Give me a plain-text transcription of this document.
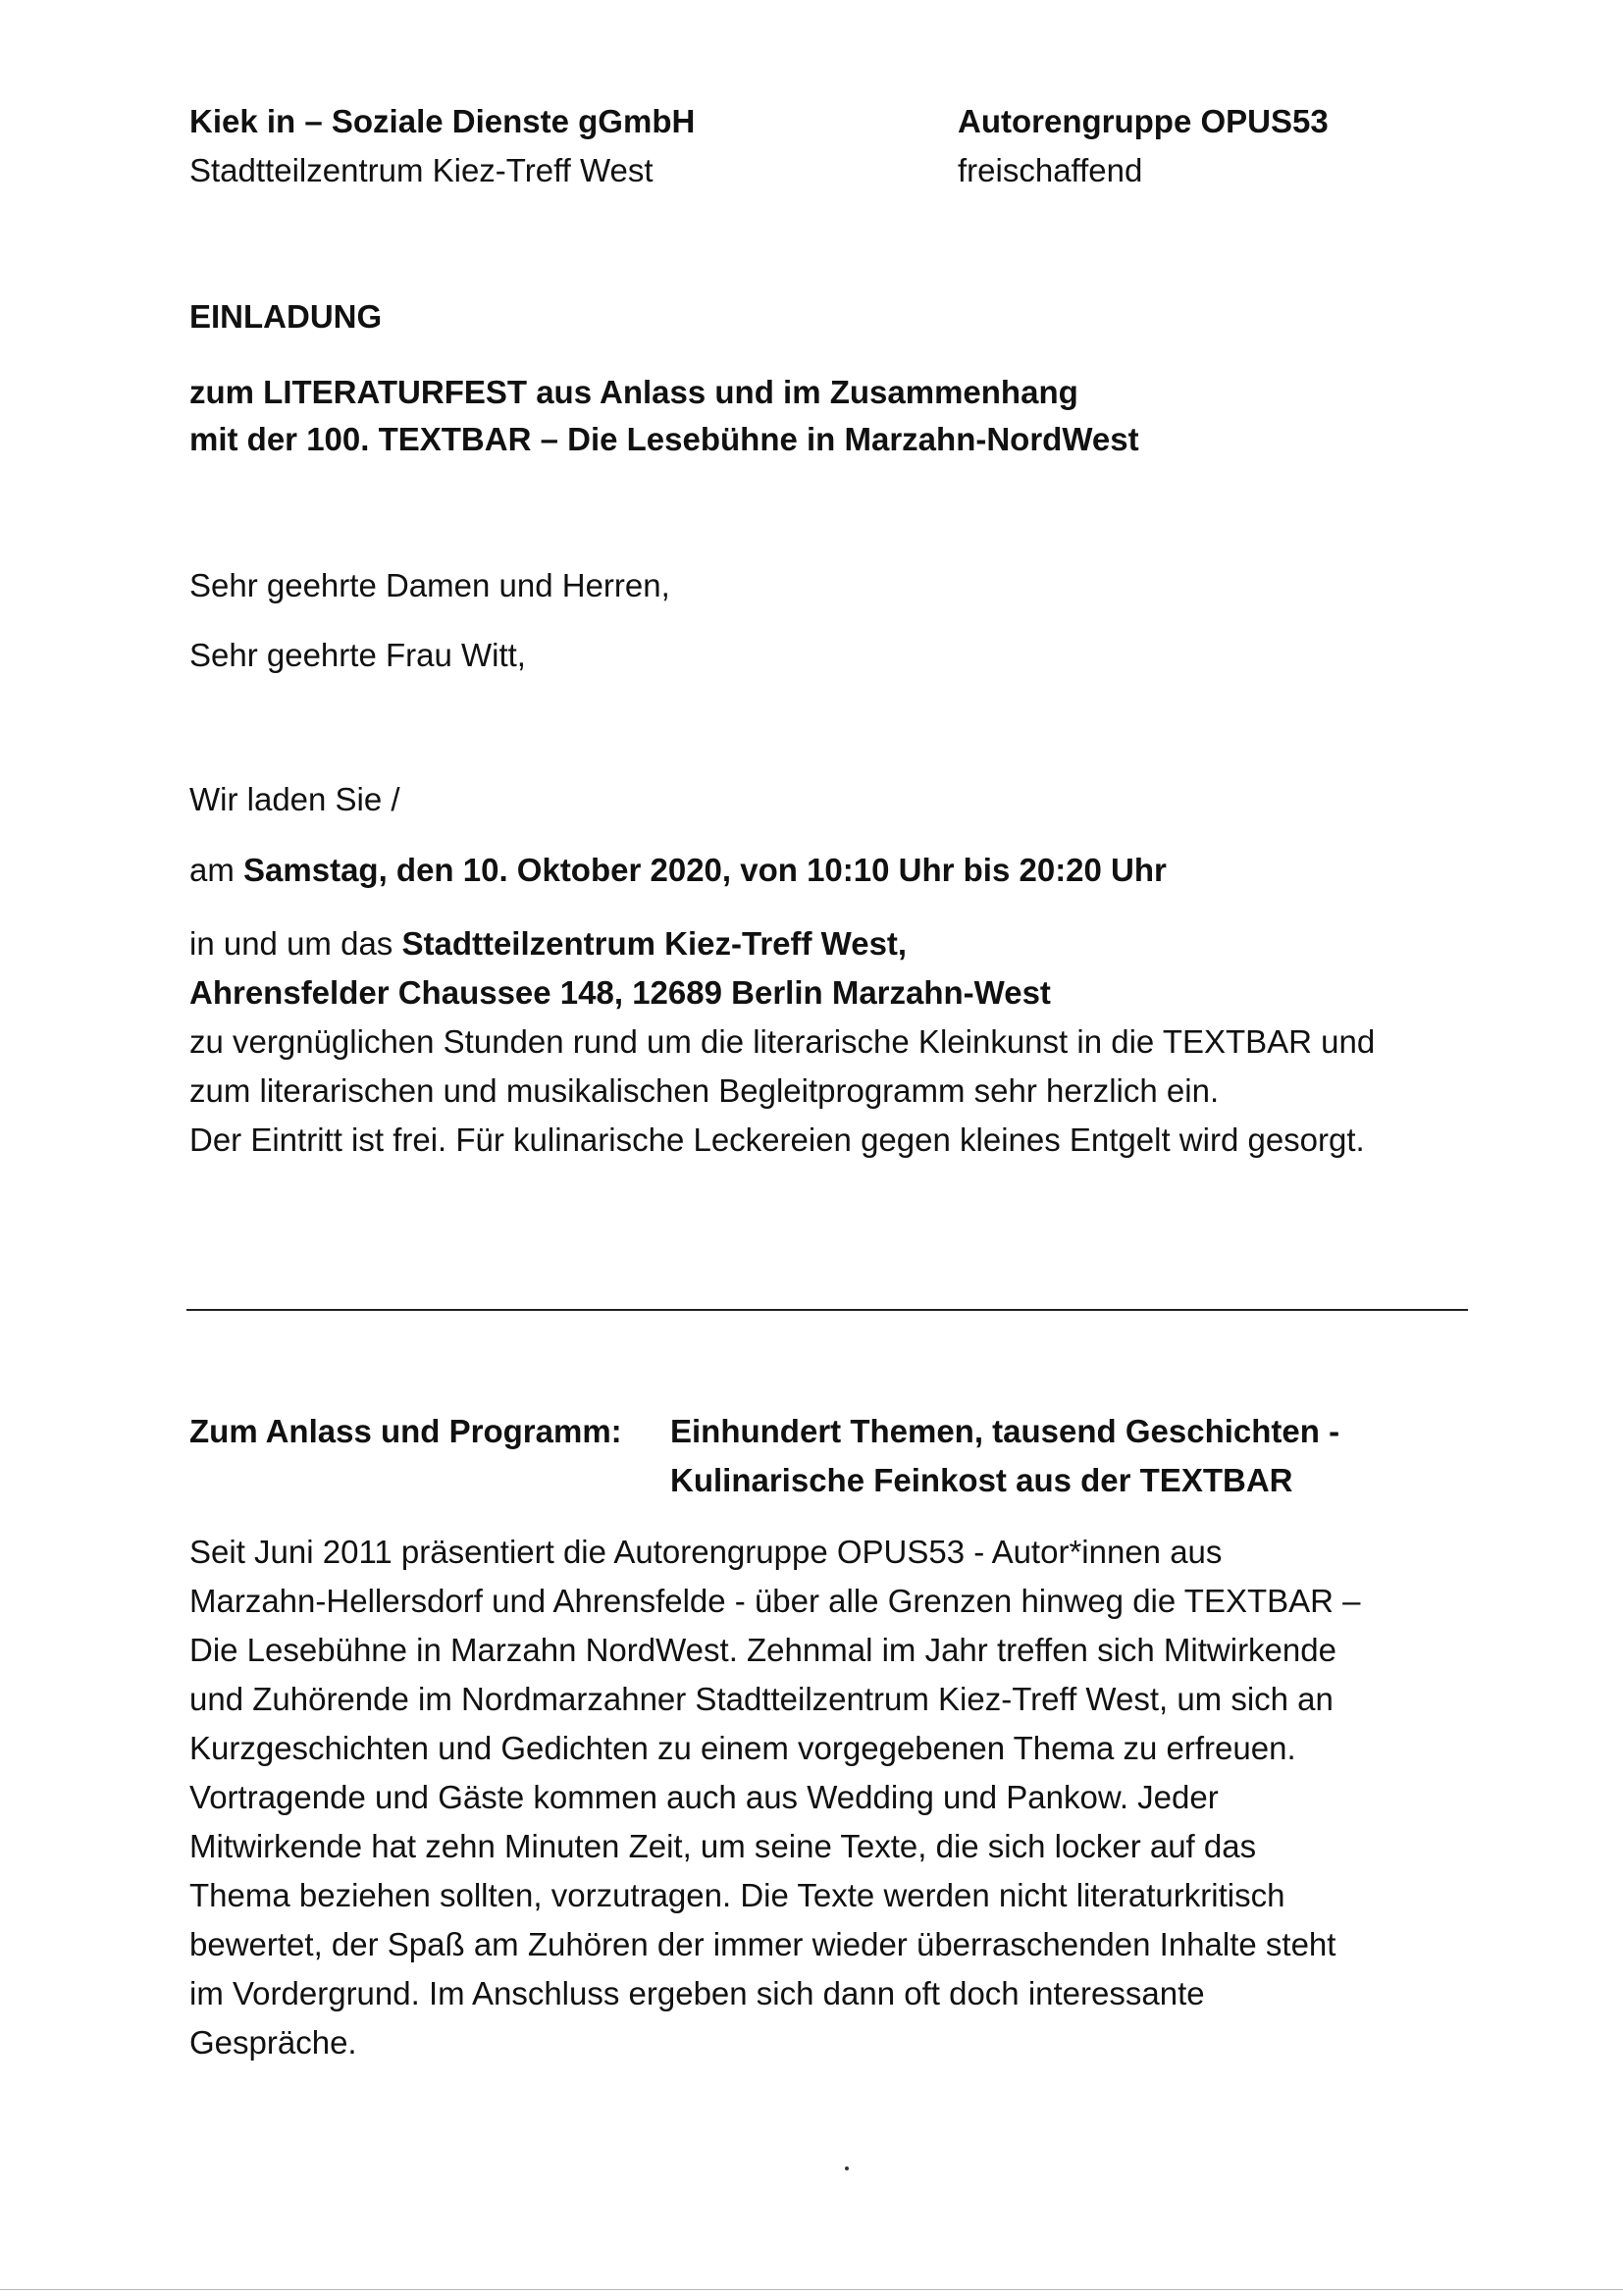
Kiek in – Soziale Dienste gGmbH
Stadtteilzentrum Kiez-Treff West
Autorengruppe OPUS53
freischaffend
EINLADUNG
zum LITERATURFEST aus Anlass und im Zusammenhang
mit der 100. TEXTBAR – Die Lesebühne in Marzahn-NordWest
Sehr geehrte Damen und Herren,
Sehr geehrte Frau Witt,
Wir laden Sie /
am Samstag, den 10. Oktober 2020, von 10:10 Uhr bis 20:20 Uhr
in und um das Stadtteilzentrum Kiez-Treff West,
Ahrensfelder Chaussee 148, 12689 Berlin Marzahn-West
zu vergnüglichen Stunden rund um die literarische Kleinkunst in die TEXTBAR und
zum literarischen und musikalischen Begleitprogramm sehr herzlich ein.
Der Eintritt ist frei. Für kulinarische Leckereien gegen kleines Entgelt wird gesorgt.
Zum Anlass und Programm: Einhundert Themen, tausend Geschichten -
Kulinarische Feinkost aus der TEXTBAR
Seit Juni 2011 präsentiert die Autorengruppe OPUS53 - Autor*innen aus
Marzahn-Hellersdorf und Ahrensfelde - über alle Grenzen hinweg die TEXTBAR –
Die Lesebühne in Marzahn NordWest. Zehnmal im Jahr treffen sich Mitwirkende
und Zuhörende im Nordmarzahner Stadtteilzentrum Kiez-Treff West, um sich an
Kurzgeschichten und Gedichten zu einem vorgegebenen Thema zu erfreuen.
Vortragende und Gäste kommen auch aus Wedding und Pankow. Jeder
Mitwirkende hat zehn Minuten Zeit, um seine Texte, die sich locker auf das
Thema beziehen sollten, vorzutragen. Die Texte werden nicht literaturkritisch
bewertet, der Spaß am Zuhören der immer wieder überraschenden Inhalte steht
im Vordergrund. Im Anschluss ergeben sich dann oft doch interessante
Gespräche.
